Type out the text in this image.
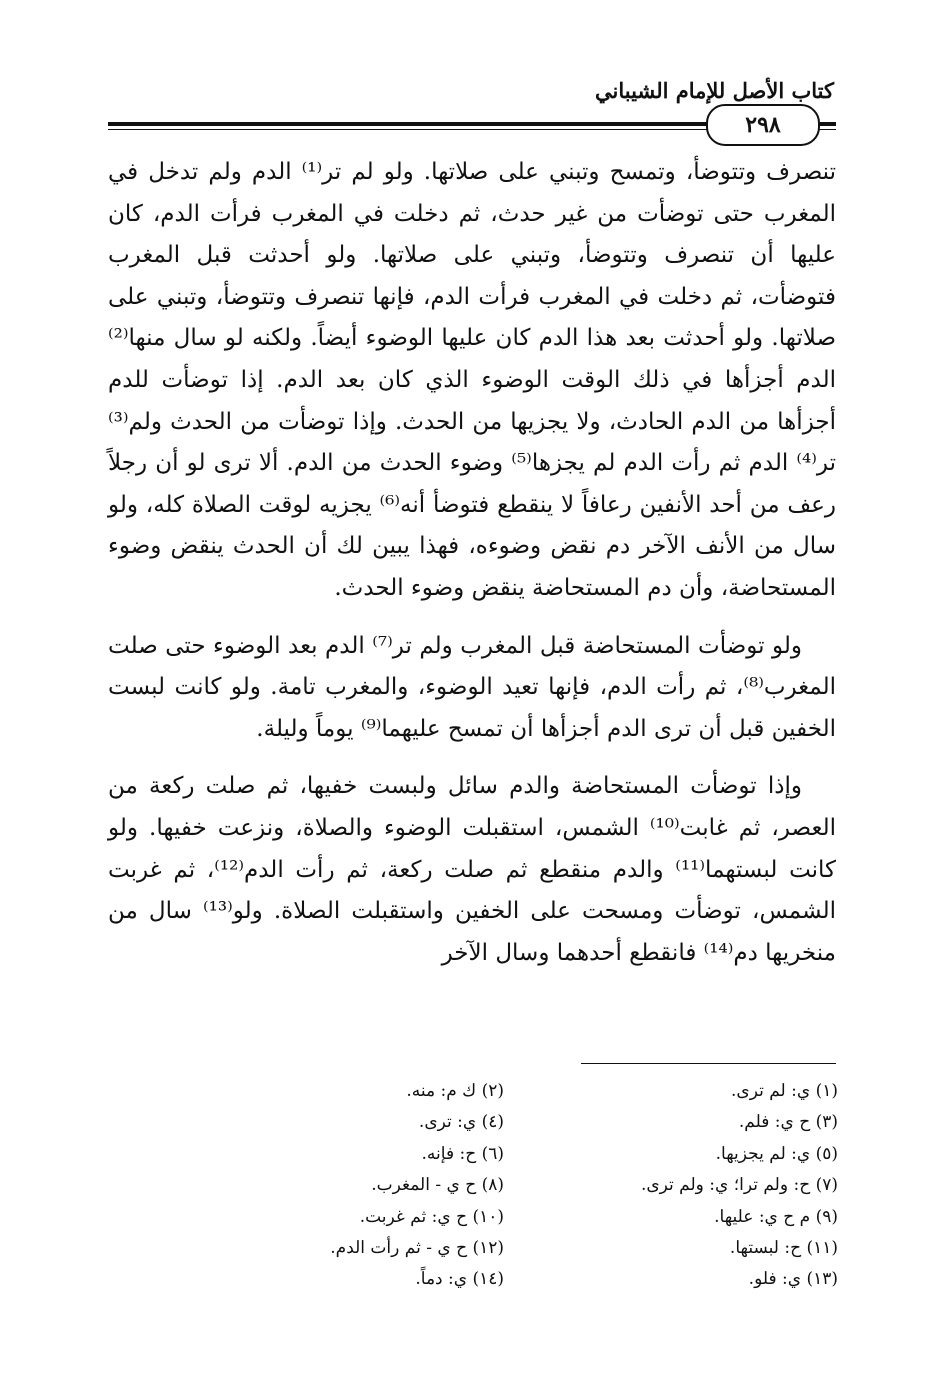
كتاب الأصل للإمام الشيباني
٢٩٨

تنصرف وتتوضأ، وتمسح وتبني على صلاتها. ولو لم تر⁽¹⁾ الدم ولم تدخل في المغرب حتى توضأت من غير حدث، ثم دخلت في المغرب فرأت الدم، كان عليها أن تنصرف وتتوضأ، وتبني على صلاتها. ولو أحدثت قبل المغرب فتوضأت، ثم دخلت في المغرب فرأت الدم، فإنها تنصرف وتتوضأ، وتبني على صلاتها. ولو أحدثت بعد هذا الدم كان عليها الوضوء أيضاً. ولكنه لو سال منها⁽²⁾ الدم أجزأها في ذلك الوقت الوضوء الذي كان بعد الدم. إذا توضأت للدم أجزأها من الدم الحادث، ولا يجزيها من الحدث. وإذا توضأت من الحدث ولم⁽³⁾ تر⁽⁴⁾ الدم ثم رأت الدم لم يجزها⁽⁵⁾ وضوء الحدث من الدم. ألا ترى لو أن رجلاً رعف من أحد الأنفين رعافاً لا ينقطع فتوضأ أنه⁽⁶⁾ يجزيه لوقت الصلاة كله، ولو سال من الأنف الآخر دم نقض وضوءه، فهذا يبين لك أن الحدث ينقض وضوء المستحاضة، وأن دم المستحاضة ينقض وضوء الحدث.

ولو توضأت المستحاضة قبل المغرب ولم تر⁽⁷⁾ الدم بعد الوضوء حتى صلت المغرب⁽⁸⁾، ثم رأت الدم، فإنها تعيد الوضوء، والمغرب تامة. ولو كانت لبست الخفين قبل أن ترى الدم أجزأها أن تمسح عليهما⁽⁹⁾ يوماً وليلة.

وإذا توضأت المستحاضة والدم سائل ولبست خفيها، ثم صلت ركعة من العصر، ثم غابت⁽¹⁰⁾ الشمس، استقبلت الوضوء والصلاة، ونزعت خفيها. ولو كانت لبستهما⁽¹¹⁾ والدم منقطع ثم صلت ركعة، ثم رأت الدم⁽¹²⁾، ثم غربت الشمس، توضأت ومسحت على الخفين واستقبلت الصلاة. ولو⁽¹³⁾ سال من منخريها دم⁽¹⁴⁾ فانقطع أحدهما وسال الآخر

(١) ي: لم ترى.
(٢) ك م: منه.
(٣) ح ي: فلم.
(٤) ي: ترى.
(٥) ي: لم يجزيها.
(٦) ح: فإنه.
(٧) ح: ولم ترا؛ ي: ولم ترى.
(٨) ح ي - المغرب.
(٩) م ح ي: عليها.
(١٠) ح ي: ثم غربت.
(١١) ح: لبستها.
(١٢) ح ي - ثم رأت الدم.
(١٣) ي: فلو.
(١٤) ي: دماً.
